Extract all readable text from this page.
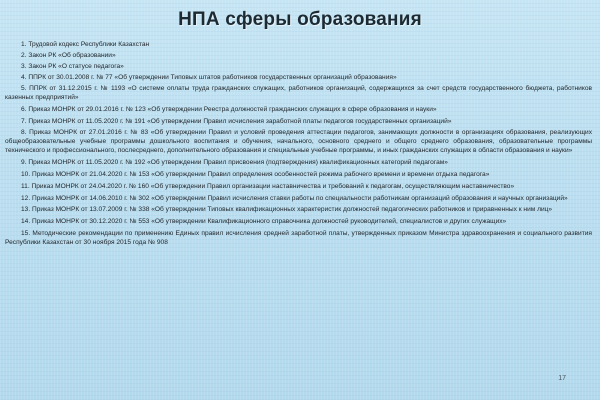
НПА сферы образования
1. Трудовой кодекс Республики Казахстан
2. Закон РК «Об образовании»
3. Закон РК «О статусе педагога»
4. ППРК от 30.01.2008 г. № 77 «Об утверждении Типовых штатов работников государственных организаций образования»
5. ППРК от 31.12.2015 г. № 1193 «О системе оплаты труда гражданских служащих, работников организаций, содержащихся за счет средств государственного бюджета, работников казенных предприятий»
6. Приказ МОНРК от 29.01.2016 г. № 123 «Об утверждении Реестра должностей гражданских служащих в сфере образования и науки»
7. Приказ МОНРК от 11.05.2020 г. № 191 «Об утверждении Правил исчисления заработной платы педагогов государственных организаций»
8. Приказ МОНРК от 27.01.2016 г. № 83 «Об утверждении Правил и условий проведения аттестации педагогов, занимающих должности в организациях образования, реализующих общеобразовательные учебные программы дошкольного воспитания и обучения, начального, основного среднего и общего среднего образования, образовательные программы технического и профессионального, послесреднего, дополнительного образования и специальные учебные программы, и иных гражданских служащих в области образования и науки»
9. Приказ МОНРК от 11.05.2020 г. № 192 «Об утверждении Правил присвоения (подтверждения) квалификационных категорий педагогам»
10. Приказ МОНРК от 21.04.2020 г. № 153 «Об утверждении Правил определения особенностей режима рабочего времени и времени отдыха педагога»
11. Приказ МОНРК от 24.04.2020 г. № 160 «Об утверждении Правил организации наставничества и требований к педагогам, осуществляющим наставничество»
12. Приказ МОНРК от 14.06.2010 г. № 302 «Об утверждении Правил исчисления ставки работы по специальности работникам организаций образования и научных организаций»
13. Приказ МОНРК от 13.07.2009 г. № 338 «Об утверждении Типовых квалификационных характеристик должностей педагогических работников и приравненных к ним лиц»
14. Приказ МОНРК от 30.12.2020 г. № 553 «Об утверждении Квалификационного справочника должностей руководителей, специалистов и других служащих»
15. Методические рекомендации по применению Единых правил исчисления средней заработной платы, утвержденных приказом Министра здравоохранения и социального развития Республики Казахстан от 30 ноября 2015 года № 908
17
